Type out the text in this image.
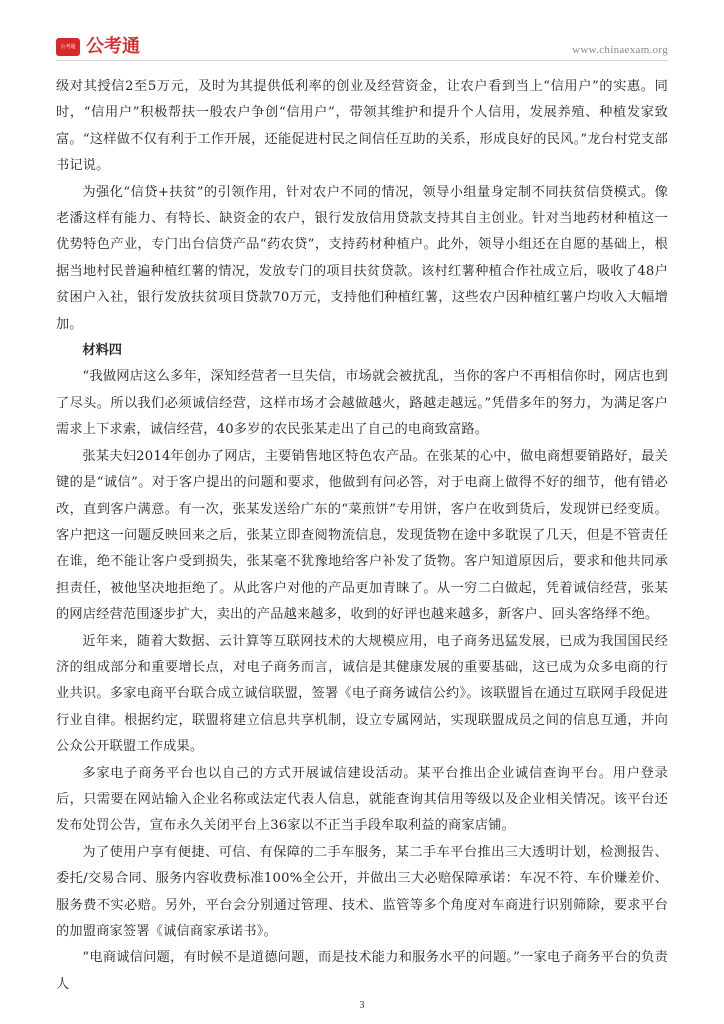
公考通 公考通	www.chinaexam.org

级对其授信2至5万元，及时为其提供低利率的创业及经营资金，让农户看到当上“信用户”的实惠。同时，“信用户”积极帮扶一般农户争创“信用户”，带领其维护和提升个人信用，发展养殖、种植发家致富。“这样做不仅有利于工作开展，还能促进村民之间信任互助的关系，形成良好的民风。”龙台村党支部书记说。

为强化“信贷+扶贫”的引领作用，针对农户不同的情况，领导小组量身定制不同扶贫信贷模式。像老潘这样有能力、有特长、缺资金的农户，银行发放信用贷款支持其自主创业。针对当地药材种植这一优势特色产业，专门出台信贷产品“药农贷”，支持药材种植户。此外，领导小组还在自愿的基础上，根据当地村民普遍种植红薯的情况，发放专门的项目扶贫贷款。该村红薯种植合作社成立后，吸收了48户贫困户入社，银行发放扶贫项目贷款70万元，支持他们种植红薯，这些农户因种植红薯户均收入大幅增加。

材料四

“我做网店这么多年，深知经营者一旦失信，市场就会被扰乱，当你的客户不再相信你时，网店也到了尽头。所以我们必须诚信经营，这样市场才会越做越火，路越走越远。”凭借多年的努力，为满足客户需求上下求索，诚信经营，40多岁的农民张某走出了自己的电商致富路。

张某夫妇2014年创办了网店，主要销售地区特色农产品。在张某的心中，做电商想要销路好，最关键的是“诚信”。对于客户提出的问题和要求，他做到有问必答，对于电商上做得不好的细节，他有错必改，直到客户满意。有一次，张某发送给广东的“菜煎饼”专用饼，客户在收到货后，发现饼已经变质。客户把这一问题反映回来之后，张某立即查阅物流信息，发现货物在途中多耽误了几天，但是不管责任在谁，绝不能让客户受到损失，张某毫不犹豫地给客户补发了货物。客户知道原因后，要求和他共同承担责任，被他坚决地拒绝了。从此客户对他的产品更加青睐了。从一穷二白做起，凭着诚信经营，张某的网店经营范围逐步扩大，卖出的产品越来越多，收到的好评也越来越多，新客户、回头客络绎不绝。

近年来，随着大数据、云计算等互联网技术的大规模应用，电子商务迅猛发展，已成为我国国民经济的组成部分和重要增长点，对电子商务而言，诚信是其健康发展的重要基础，这已成为众多电商的行业共识。多家电商平台联合成立诚信联盟，签署《电子商务诚信公约》。该联盟旨在通过互联网手段促进行业自律。根据约定，联盟将建立信息共享机制，设立专属网站，实现联盟成员之间的信息互通，并向公众公开联盟工作成果。

多家电子商务平台也以自己的方式开展诚信建设活动。某平台推出企业诚信查询平台。用户登录后，只需要在网站输入企业名称或法定代表人信息，就能查询其信用等级以及企业相关情况。该平台还发布处罚公告，宣布永久关闭平台上36家以不正当手段牟取利益的商家店铺。

为了使用户享有便捷、可信、有保障的二手车服务，某二手车平台推出三大透明计划，检测报告、委托/交易合同、服务内容收费标准100%全公开，并做出三大必赔保障承诺：车况不符、车价赚差价、服务费不实必赔。另外，平台会分别通过管理、技术、监管等多个角度对车商进行识别筛除，要求平台的加盟商家签署《诚信商家承诺书》。

“电商诚信问题，有时候不是道德问题，而是技术能力和服务水平的问题。”一家电子商务平台的负责人

3
